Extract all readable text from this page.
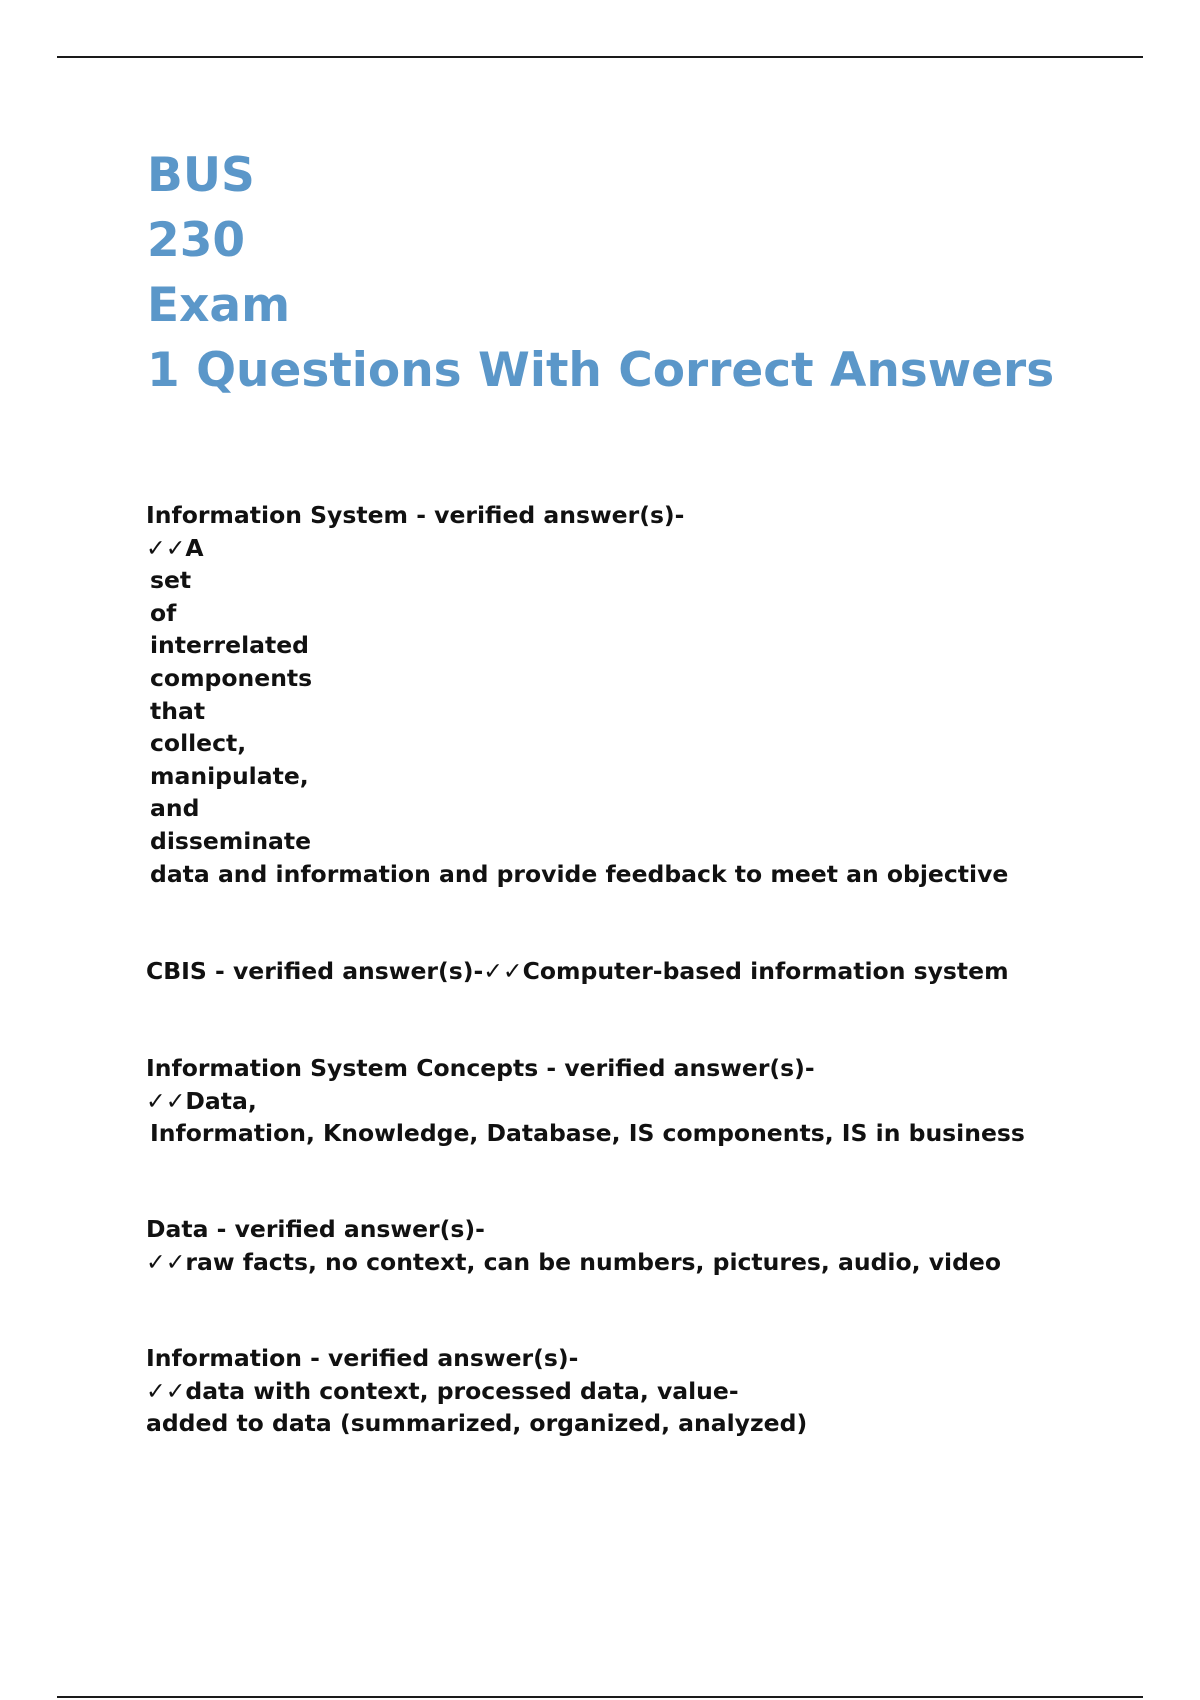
BUS
230
Exam
1 Questions With Correct Answers
Information System - verified answer(s)-
✓✓A
set
of
interrelated
components
that
collect,
manipulate,
and
disseminate
data and information and provide feedback to meet an objective
CBIS - verified answer(s)-✓✓Computer-based information system
Information System Concepts - verified answer(s)-
✓✓Data,
Information, Knowledge, Database, IS components, IS in business
Data - verified answer(s)-
✓✓raw facts, no context, can be numbers, pictures, audio, video
Information - verified answer(s)-
✓✓data with context, processed data, value-
added to data (summarized, organized, analyzed)
